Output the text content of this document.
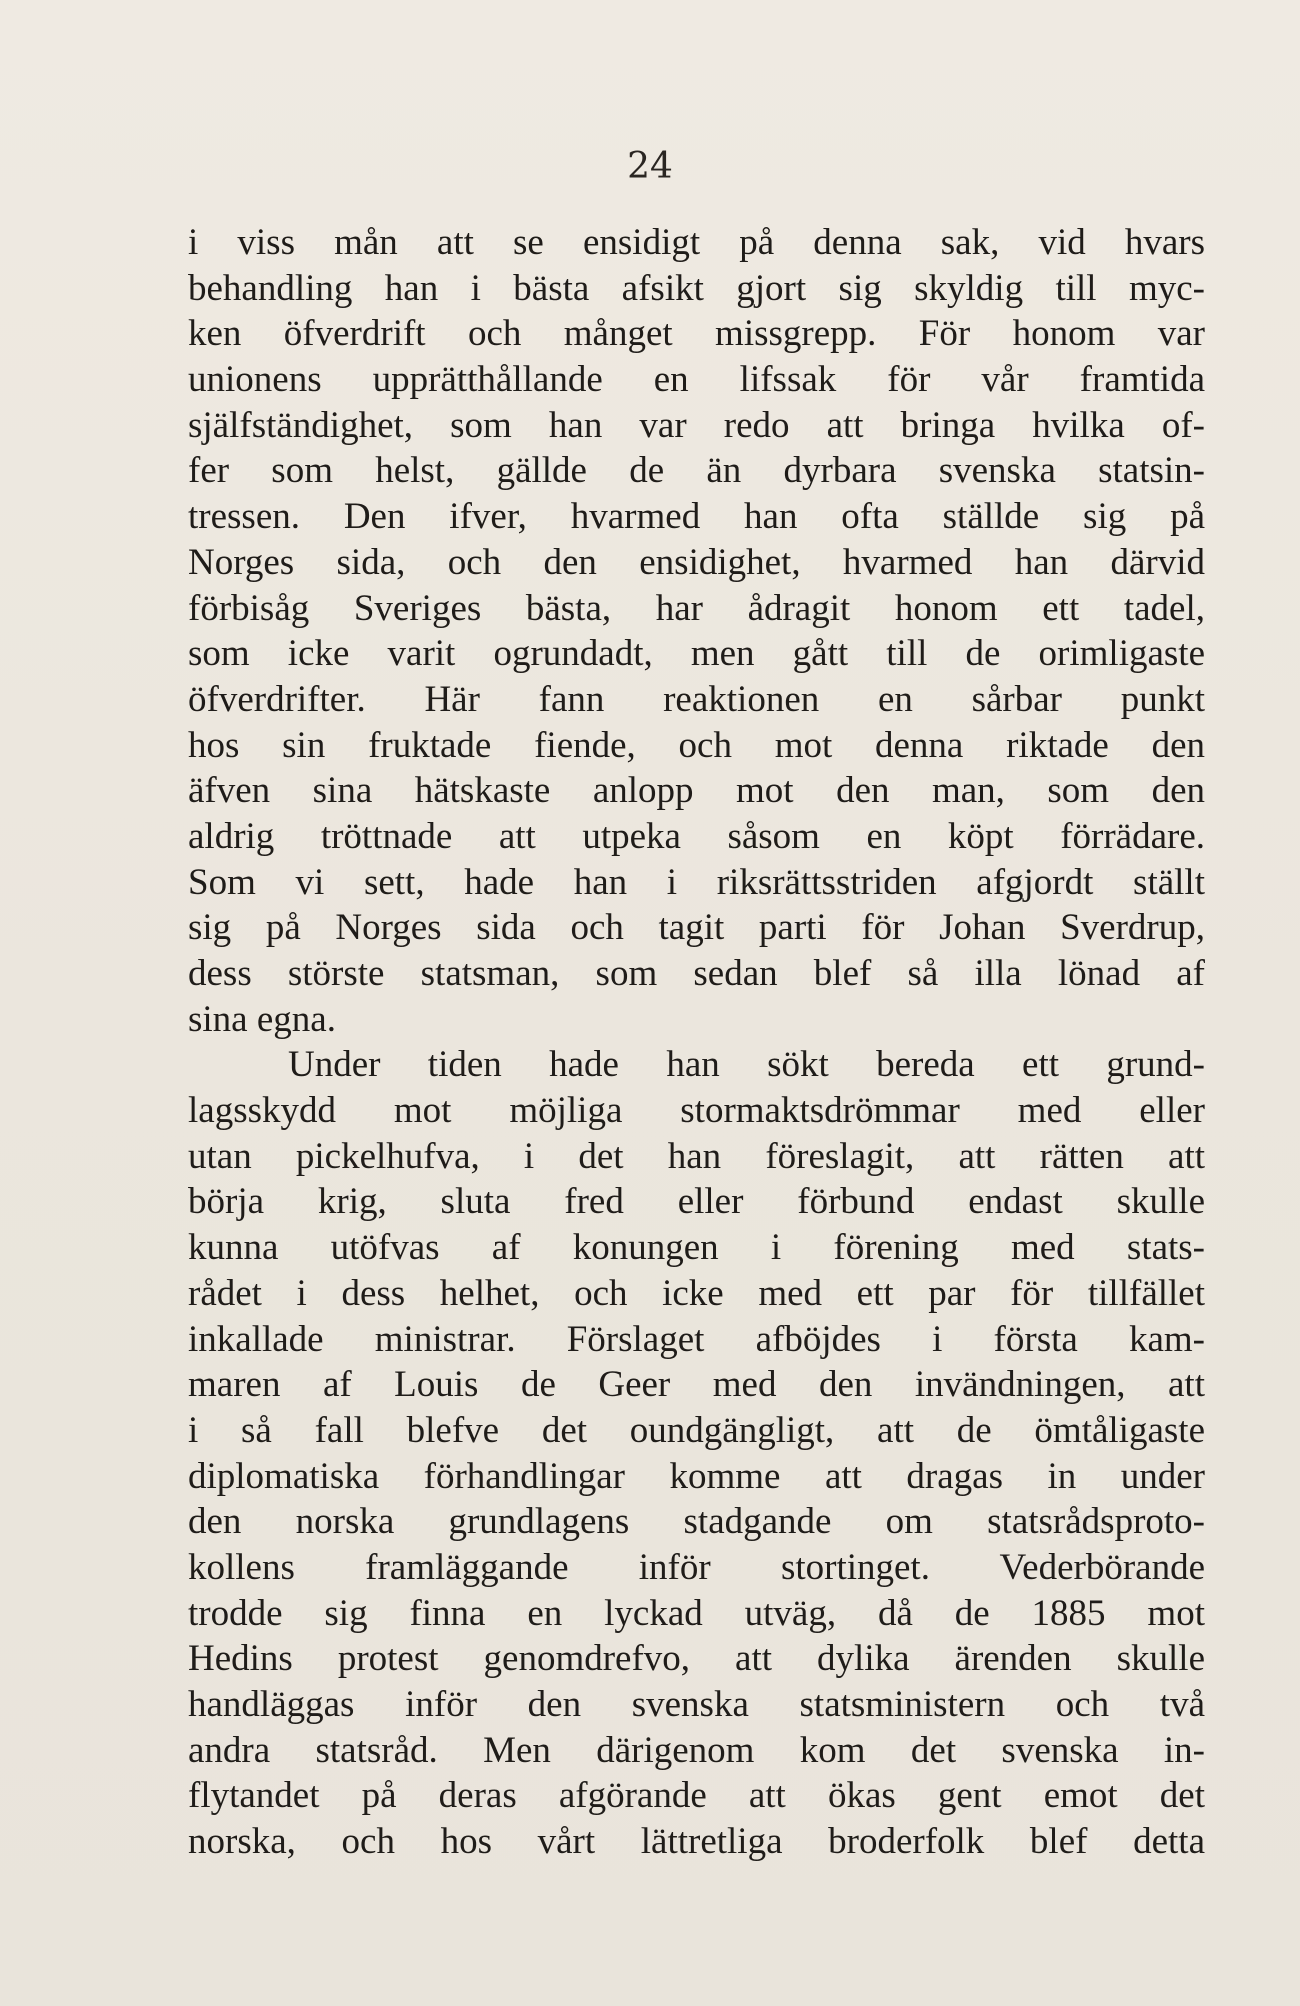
24
i viss mån att se ensidigt på denna sak, vid hvars
behandling han i bästa afsikt gjort sig skyldig till myc-
ken öfverdrift och månget missgrepp. För honom var
unionens upprätthållande en lifssak för vår framtida
själfständighet, som han var redo att bringa hvilka of-
fer som helst, gällde de än dyrbara svenska statsin-
tressen. Den ifver, hvarmed han ofta ställde sig på
Norges sida, och den ensidighet, hvarmed han därvid
förbisåg Sveriges bästa, har ådragit honom ett tadel,
som icke varit ogrundadt, men gått till de orimligaste
öfverdrifter. Här fann reaktionen en sårbar punkt
hos sin fruktade fiende, och mot denna riktade den
äfven sina hätskaste anlopp mot den man, som den
aldrig tröttnade att utpeka såsom en köpt förrädare.
Som vi sett, hade han i riksrättsstriden afgjordt ställt
sig på Norges sida och tagit parti för Johan Sverdrup,
dess störste statsman, som sedan blef så illa lönad af
sina egna.
Under tiden hade han sökt bereda ett grund-
lagsskydd mot möjliga stormaktsdrömmar med eller
utan pickelhufva, i det han föreslagit, att rätten att
börja krig, sluta fred eller förbund endast skulle
kunna utöfvas af konungen i förening med stats-
rådet i dess helhet, och icke med ett par för tillfället
inkallade ministrar. Förslaget afböjdes i första kam-
maren af Louis de Geer med den invändningen, att
i så fall blefve det oundgängligt, att de ömtåligaste
diplomatiska förhandlingar komme att dragas in under
den norska grundlagens stadgande om statsrådsproto-
kollens framläggande inför stortinget. Vederbörande
trodde sig finna en lyckad utväg, då de 1885 mot
Hedins protest genomdrefvo, att dylika ärenden skulle
handläggas inför den svenska statsministern och två
andra statsråd. Men därigenom kom det svenska in-
flytandet på deras afgörande att ökas gent emot det
norska, och hos vårt lättretliga broderfolk blef detta
